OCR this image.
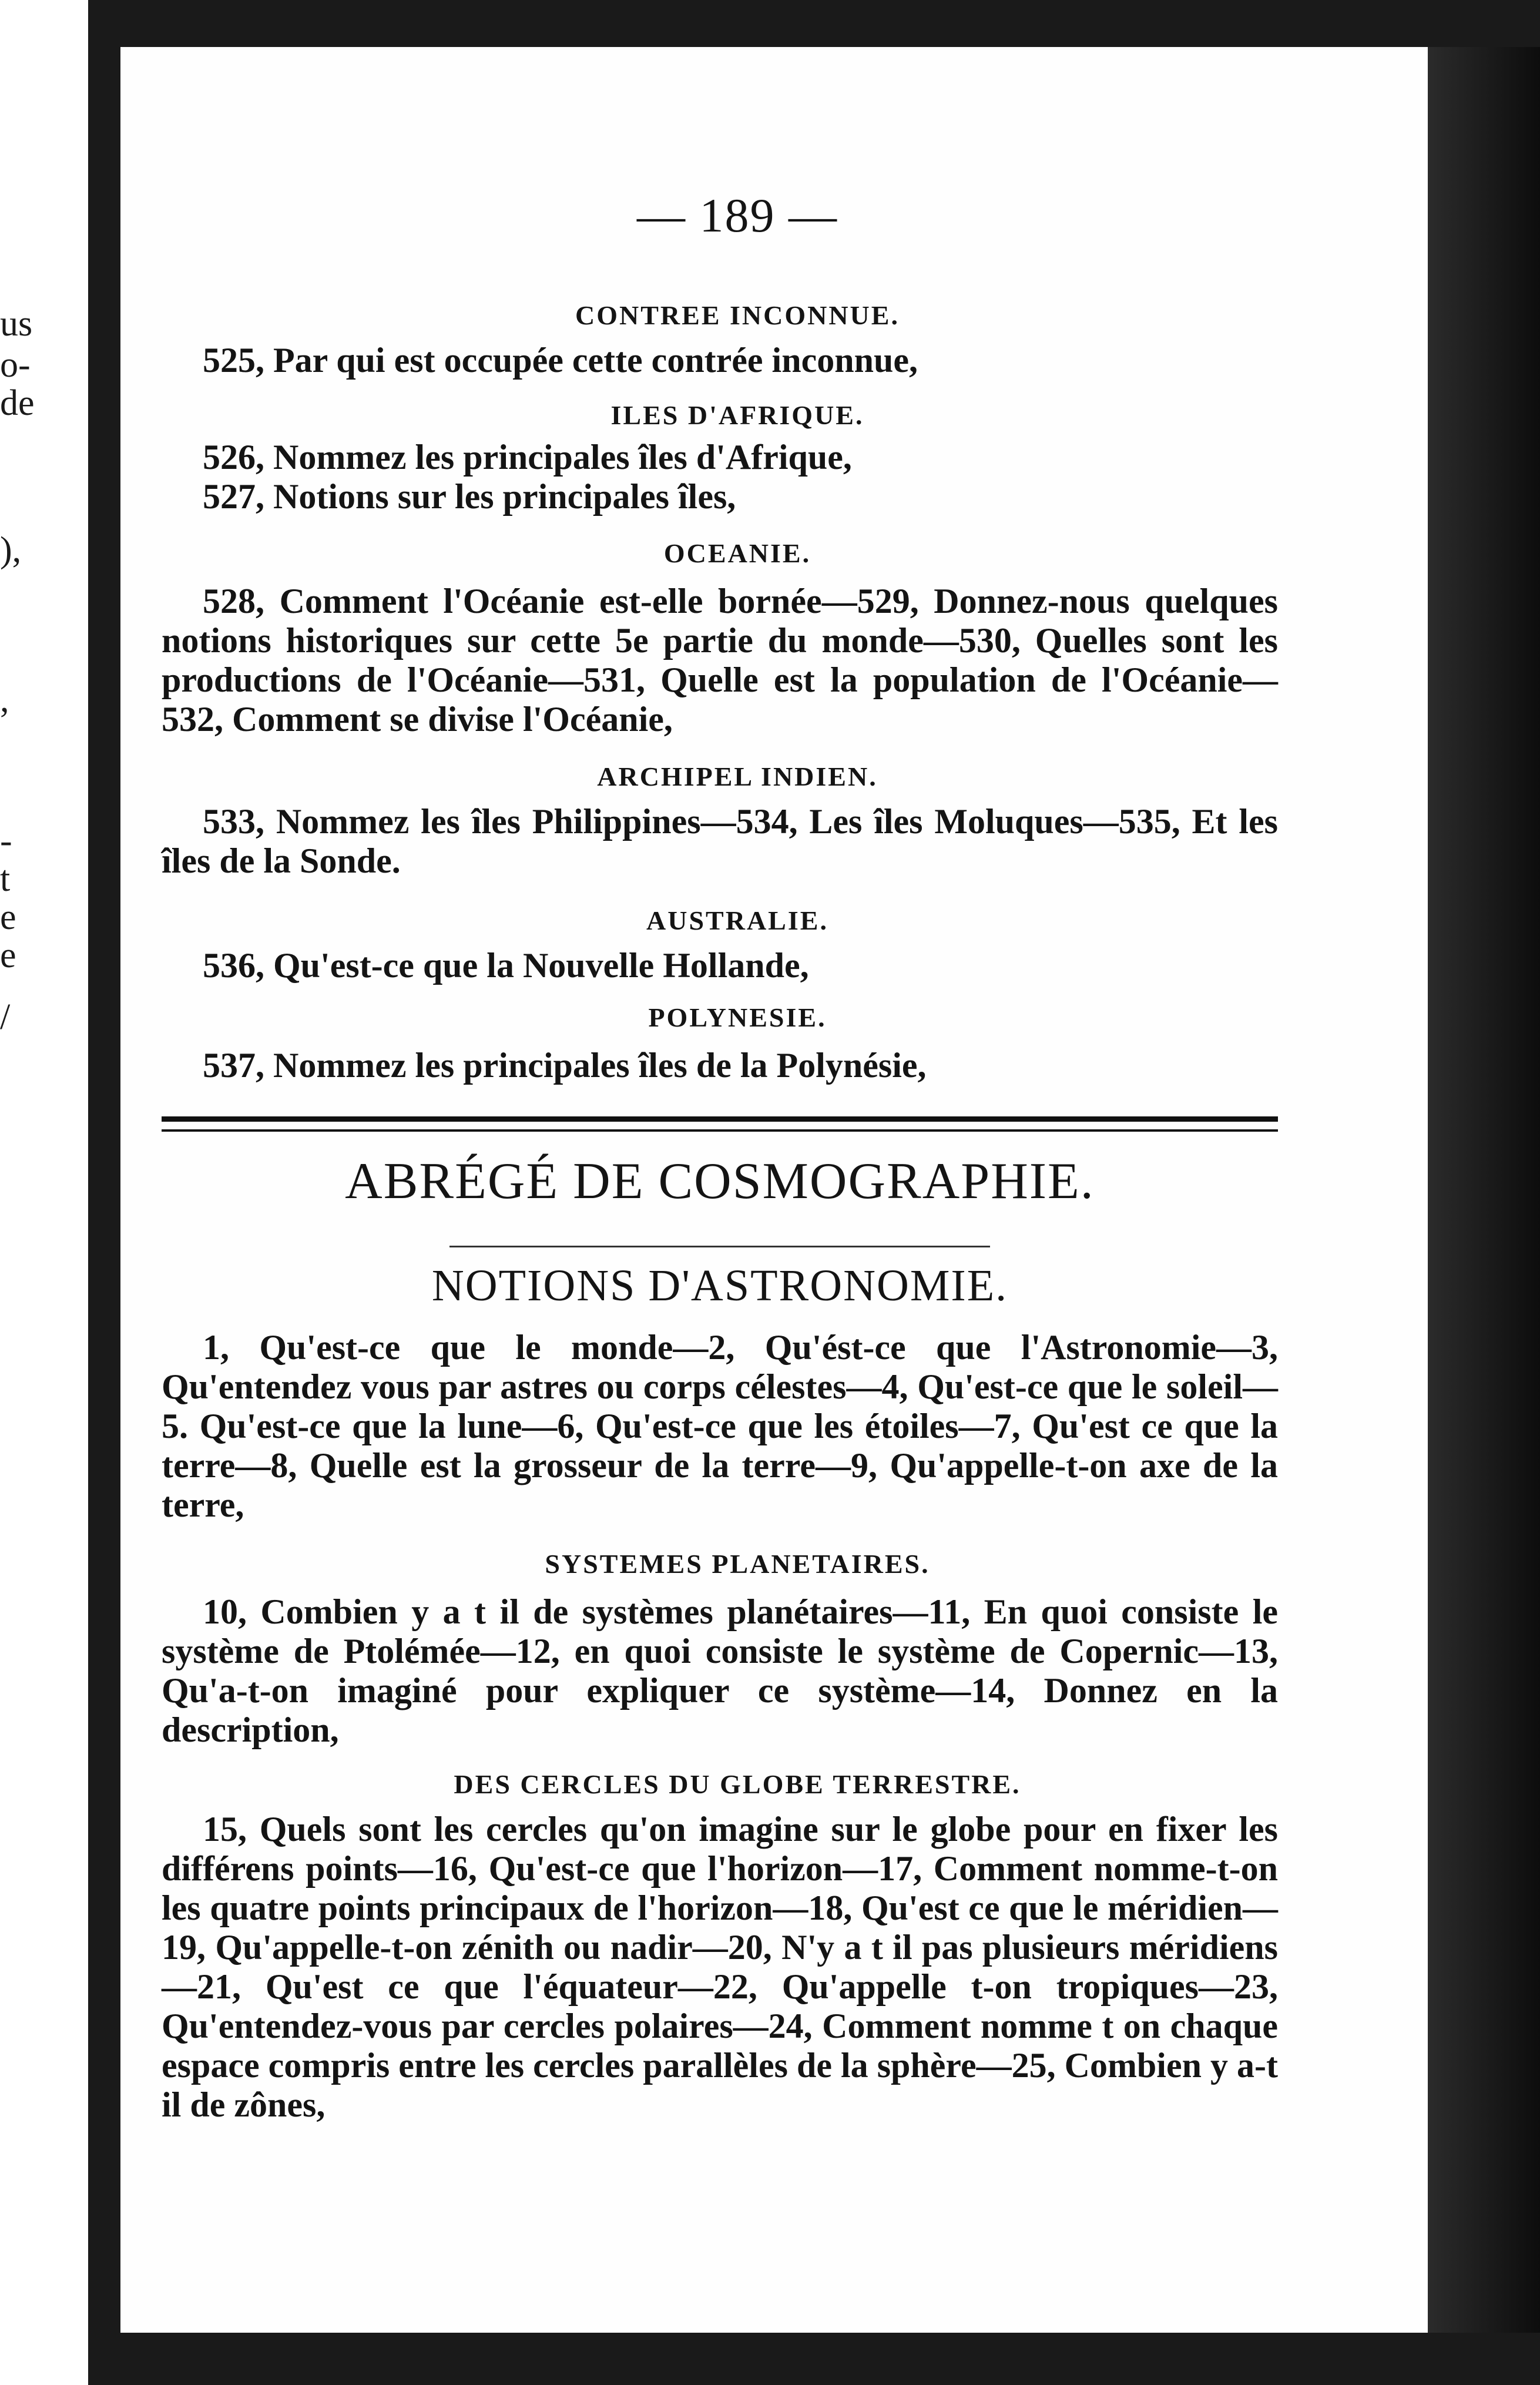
us
o-
de
),
,
-
t
e
e
/
— 189 —
CONTREE INCONNUE.
525, Par qui est occupée cette contrée inconnue,
ILES D'AFRIQUE.
526, Nommez les principales îles d'Afrique,
527, Notions sur les principales îles,
OCEANIE.
528, Comment l'Océanie est-elle bornée—529, Donnez-nous quelques notions historiques sur cette 5e partie du monde—530, Quelles sont les productions de l'Océanie—531, Quelle est la population de l'Océanie—532, Comment se divise l'Océanie,
ARCHIPEL INDIEN.
533, Nommez les îles Philippines—534, Les îles Moluques—535, Et les îles de la Sonde.
AUSTRALIE.
536, Qu'est-ce que la Nouvelle Hollande,
POLYNESIE.
537, Nommez les principales îles de la Polynésie,
ABRÉGÉ DE COSMOGRAPHIE.
NOTIONS D'ASTRONOMIE.
1, Qu'est-ce que le monde—2, Qu'ést-ce que l'Astronomie—3, Qu'entendez vous par astres ou corps célestes—4, Qu'est-ce que le soleil—5. Qu'est-ce que la lune—6, Qu'est-ce que les étoiles—7, Qu'est ce que la terre—8, Quelle est la grosseur de la terre—9, Qu'appelle-t-on axe de la terre,
SYSTEMES PLANETAIRES.
10, Combien y a t il de systèmes planétaires—11, En quoi consiste le système de Ptolémée—12, en quoi consiste le système de Copernic—13, Qu'a-t-on imaginé pour expliquer ce système—14, Donnez en la description,
DES CERCLES DU GLOBE TERRESTRE.
15, Quels sont les cercles qu'on imagine sur le globe pour en fixer les différens points—16, Qu'est-ce que l'horizon—17, Comment nomme-t-on les quatre points principaux de l'horizon—18, Qu'est ce que le méridien—19, Qu'appelle-t-on zénith ou nadir—20, N'y a t il pas plusieurs méridiens—21, Qu'est ce que l'équateur—22, Qu'appelle t-on tropiques—23, Qu'entendez-vous par cercles polaires—24, Comment nomme t on chaque espace compris entre les cercles parallèles de la sphère—25, Combien y a-t il de zônes,
